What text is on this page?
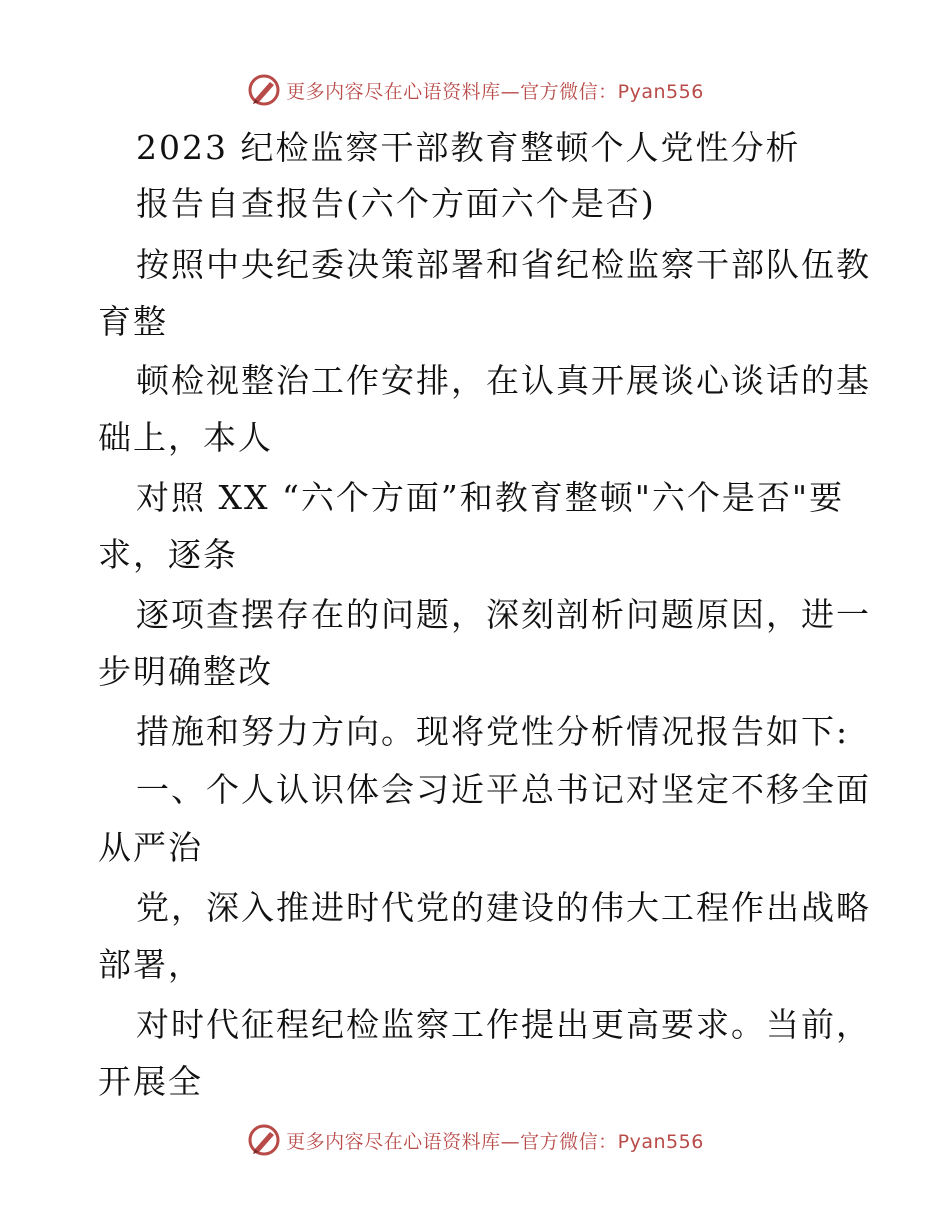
更多内容尽在心语资料库—官方微信：Pyan556
2023 纪检监察干部教育整顿个人党性分析
报告自查报告(六个方面六个是否)
按照中央纪委决策部署和省纪检监察干部队伍教
育整
顿检视整治工作安排，在认真开展谈心谈话的基
础上，本人
对照 XX “六个方面”和教育整顿"六个是否"要
求，逐条
逐项查摆存在的问题，深刻剖析问题原因，进一
步明确整改
措施和努力方向。现将党性分析情况报告如下:
一、个人认识体会习近平总书记对坚定不移全面
从严治
党，深入推进时代党的建设的伟大工程作出战略
部署，
对时代征程纪检监察工作提出更高要求。当前，
开展全
更多内容尽在心语资料库—官方微信：Pyan556
